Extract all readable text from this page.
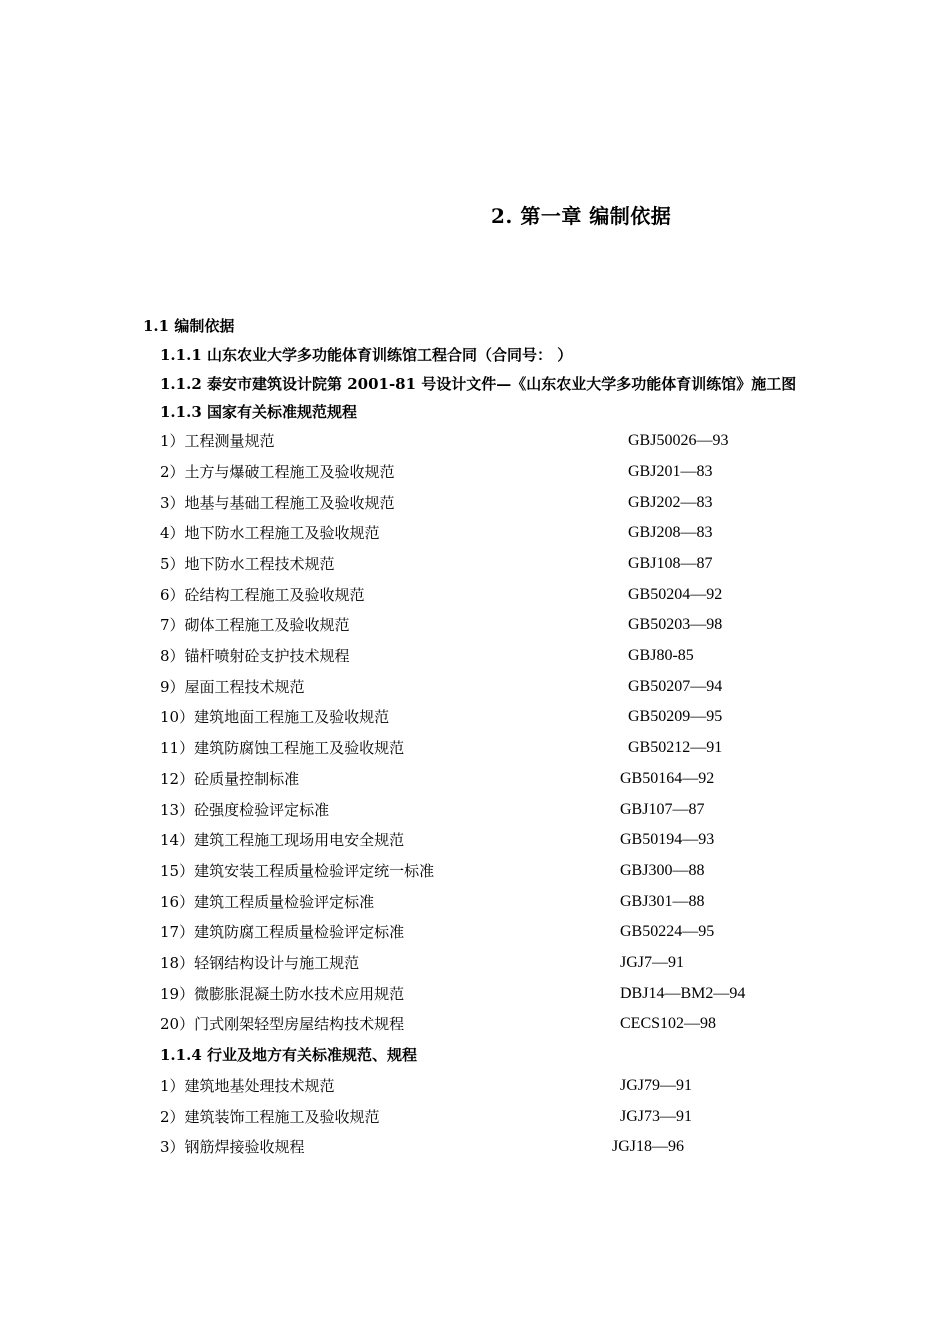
2. 第一章 编制依据
1.1 编制依据
1.1.1 山东农业大学多功能体育训练馆工程合同（合同号： ）
1.1.2 泰安市建筑设计院第 2001-81 号设计文件—《山东农业大学多功能体育训练馆》施工图
1.1.3 国家有关标准规范规程
1）工程测量规范	GBJ50026—93
2）土方与爆破工程施工及验收规范	GBJ201—83
3）地基与基础工程施工及验收规范	GBJ202—83
4）地下防水工程施工及验收规范	GBJ208—83
5）地下防水工程技术规范	GBJ108—87
6）砼结构工程施工及验收规范	GB50204—92
7）砌体工程施工及验收规范	GB50203—98
8）锚杆喷射砼支护技术规程	GBJ80-85
9）屋面工程技术规范	GB50207—94
10）建筑地面工程施工及验收规范	GB50209—95
11）建筑防腐蚀工程施工及验收规范	GB50212—91
12）砼质量控制标准	GB50164—92
13）砼强度检验评定标准	GBJ107—87
14）建筑工程施工现场用电安全规范	GB50194—93
15）建筑安装工程质量检验评定统一标准	GBJ300—88
16）建筑工程质量检验评定标准	GBJ301—88
17）建筑防腐工程质量检验评定标准	GB50224—95
18）轻钢结构设计与施工规范	JGJ7—91
19）微膨胀混凝土防水技术应用规范	DBJ14—BM2—94
20）门式刚架轻型房屋结构技术规程	CECS102—98
1.1.4 行业及地方有关标准规范、规程
1）建筑地基处理技术规范	JGJ79—91
2）建筑装饰工程施工及验收规范	JGJ73—91
3）钢筋焊接验收规程	JGJ18—96
